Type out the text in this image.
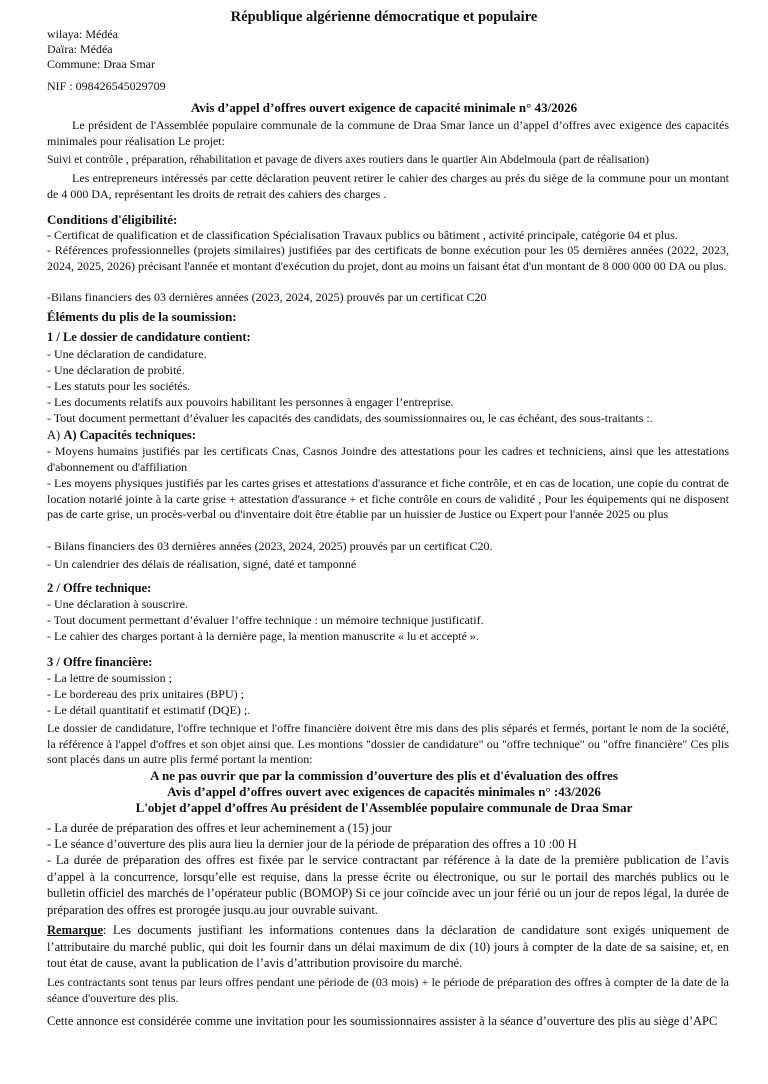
République algérienne démocratique et populaire
wilaya: Médéa
Daïra: Médéa
Commune: Draa Smar
NIF : 098426545029709
Avis d’appel d’offres ouvert exigence de capacité minimale n° 43/2026
Le président de l'Assemblée populaire communale de la commune de Draa Smar lance un d’appel d’offres avec exigence des capacités minimales pour réalisation Le projet:
Suivi et contrôle , préparation, réhabilitation et pavage de divers axes routiers dans le quartier Ain Abdelmoula (part de réalisation)
Les entrepreneurs intéressés par cette déclaration peuvent retirer le cahier des charges au prés du siège de la commune pour un montant de 4 000 DA, représentant les droits de retrait des cahiers des charges .
Conditions d'éligibilité:
- Certificat de qualification et de classification Spécialisation Travaux publics ou bâtiment , activité principale, catégorie 04 et plus.
- Références professionnelles (projets similaires) justifiées par des certificats de bonne exécution pour les 05 dernières années (2022, 2023, 2024, 2025, 2026) précisant l'année et montant d'exécution du projet, dont au moins un faisant état d'un montant de 8 000 000 00 DA ou plus.
-Bilans financiers des 03 dernières années (2023, 2024, 2025) prouvés par un certificat C20
Éléments du plis de la soumission:
1 / Le dossier de candidature contient:
- Une déclaration de candidature.
- Une déclaration de probité.
- Les statuts pour les sociétés.
- Les documents relatifs aux pouvoirs habilitant les personnes à engager l’entreprise.
- Tout document permettant d’évaluer les capacités des candidats, des soumissionnaires ou, le cas échéant, des sous-traitants :.
A) A) Capacités techniques:
- Moyens humains justifiés par les certificats Cnas, Casnos Joindre des attestations pour les cadres et techniciens, ainsi que les attestations d'abonnement ou d'affiliation
- Les moyens physiques justifiés par les cartes grises et attestations d'assurance et fiche contrôle, et en cas de location, une copie du contrat de location notarié jointe à la carte grise + attestation d'assurance + et fiche contrôle en cours de validité , Pour les équipements qui ne disposent pas de carte grise, un procès-verbal ou d'inventaire doit être établie par un huissier de Justice ou Expert pour l'année 2025 ou plus
- Bilans financiers des 03 dernières années (2023, 2024, 2025) prouvés par un certificat C20.
- Un calendrier des délais de réalisation, signé, daté et tamponné
2 / Offre technique:
- Une déclaration à souscrire.
- Tout document permettant d’évaluer l’offre technique : un mémoire technique justificatif.
- Le cahier des charges portant à la dernière page, la mention manuscrite « lu et accepté ».
3 / Offre financière:
- La lettre de soumission ;
- Le bordereau des prix unitaires (BPU) ;
- Le détail quantitatif et estimatif (DQE) ;.
Le dossier de candidature, l'offre technique et l'offre financière doivent être mis dans des plis séparés et fermés, portant le nom de la société, la référence à l'appel d'offres et son objet ainsi que. Les montions "dossier de candidature" ou "offre technique" ou "offre financière" Ces plis sont placés dans un autre plis fermé portant la mention:
A ne pas ouvrir que par la commission d’ouverture des plis et d'évaluation des offres
Avis d’appel d’offres ouvert avec exigences de capacités minimales n° :43/2026
L'objet d’appel d’offres Au président de l'Assemblée populaire communale de Draa Smar
- La durée de préparation des offres et leur acheminement a (15) jour
- Le séance d’ouverture des plis aura lieu la dernier jour de la période de préparation des offres a 10 :00 H
- La durée de préparation des offres est fixée par le service contractant par référence à la date de la première publication de l’avis d’appel à la concurrence, lorsqu’elle est requise, dans la presse écrite ou électronique, ou sur le portail des marchés publics ou le bulletin officiel des marchés de l’opérateur public (BOMOP) Si ce jour coïncide avec un jour férié ou un jour de repos légal, la durée de préparation des offres est prorogée jusqu.au jour ouvrable suivant.
Remarque: Les documents justifiant les informations contenues dans la déclaration de candidature sont exigés uniquement de l’attributaire du marché public, qui doit les fournir dans un délai maximum de dix (10) jours à compter de la date de sa saisine, et, en tout état de cause, avant la publication de l’avis d’attribution provisoire du marché.
Les contractants sont tenus par leurs offres pendant une période de (03 mois) + le période de préparation des offres à compter de la date de la séance d'ouverture des plis.
Cette annonce est considérée comme une invitation pour les soumissionnaires assister à la séance d’ouverture des plis au siège d’APC
